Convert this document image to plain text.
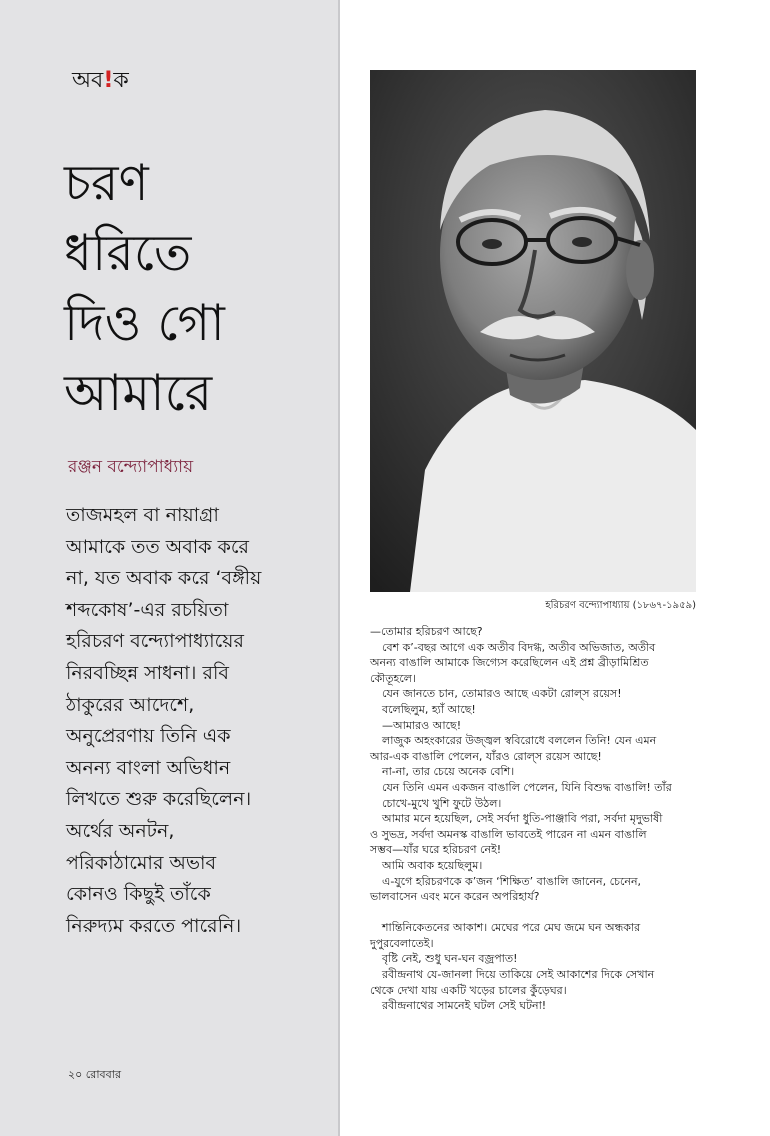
অব!ক
চরণ
ধরিতে
দিও গো
আমারে
রঞ্জন বন্দ্যোপাধ্যায়
তাজমহল বা নায়াগ্রা
আমাকে তত অবাক করে
না, যত অবাক করে ‘বঙ্গীয়
শব্দকোষ’-এর রচয়িতা
হরিচরণ বন্দ্যোপাধ্যায়ের
নিরবচ্ছিন্ন সাধনা। রবি
ঠাকুরের আদেশে,
অনুপ্রেরণায় তিনি এক
অনন্য বাংলা অভিধান
লিখতে শুরু করেছিলেন।
অর্থের অনটন,
পরিকাঠামোর অভাব
কোনও কিছুই তাঁকে
নিরুদ্যম করতে পারেনি।
২০ রোববার
হরিচরণ বন্দ্যোপাধ্যায় (১৮৬৭-১৯৫৯)
—তোমার হরিচরণ আছে?
বেশ ক’-বছর আগে এক অতীব বিদগ্ধ, অতীব অভিজাত, অতীব
অনন্য বাঙালি আমাকে জিগ্যেস করেছিলেন এই প্রশ্ন ব্রীড়ামিশ্রিত
কৌতূহলে।
যেন জানতে চান, তোমারও আছে একটা রোল্‌স রয়েস!
বলেছিলুম, হ্যাঁ আছে!
—আমারও আছে!
লাজুক অহংকারের উজ্জ্বল স্ববিরোধে বললেন তিনি! যেন এমন
আর-এক বাঙালি পেলেন, যাঁরও রোল্‌স রয়েস আছে!
না-না, তার চেয়ে অনেক বেশি।
যেন তিনি এমন একজন বাঙালি পেলেন, যিনি বিশুদ্ধ বাঙালি! তাঁর
চোখে-মুখে খুশি ফুটে উঠল।
আমার মনে হয়েছিল, সেই সর্বদা ধুতি-পাঞ্জাবি পরা, সর্বদা মৃদুভাষী
ও সুভদ্র, সর্বদা অমনস্ক বাঙালি ভাবতেই পারেন না এমন বাঙালি
সম্ভব—যাঁর ঘরে হরিচরণ নেই!
আমি অবাক হয়েছিলুম।
এ-যুগে হরিচরণকে ক’জন ‘শিক্ষিত’ বাঙালি জানেন, চেনেন,
ভালবাসেন এবং মনে করেন অপরিহার্য?
শান্তিনিকেতনের আকাশ। মেঘের পরে মেঘ জমে ঘন অন্ধকার
দুপুরবেলাতেই।
বৃষ্টি নেই, শুধু ঘন-ঘন বজ্রপাত!
রবীন্দ্রনাথ যে-জানলা দিয়ে তাকিয়ে সেই আকাশের দিকে সেখান
থেকে দেখা যায় একটি খড়ের চালের কুঁড়েঘর।
রবীন্দ্রনাথের সামনেই ঘটল সেই ঘটনা!
